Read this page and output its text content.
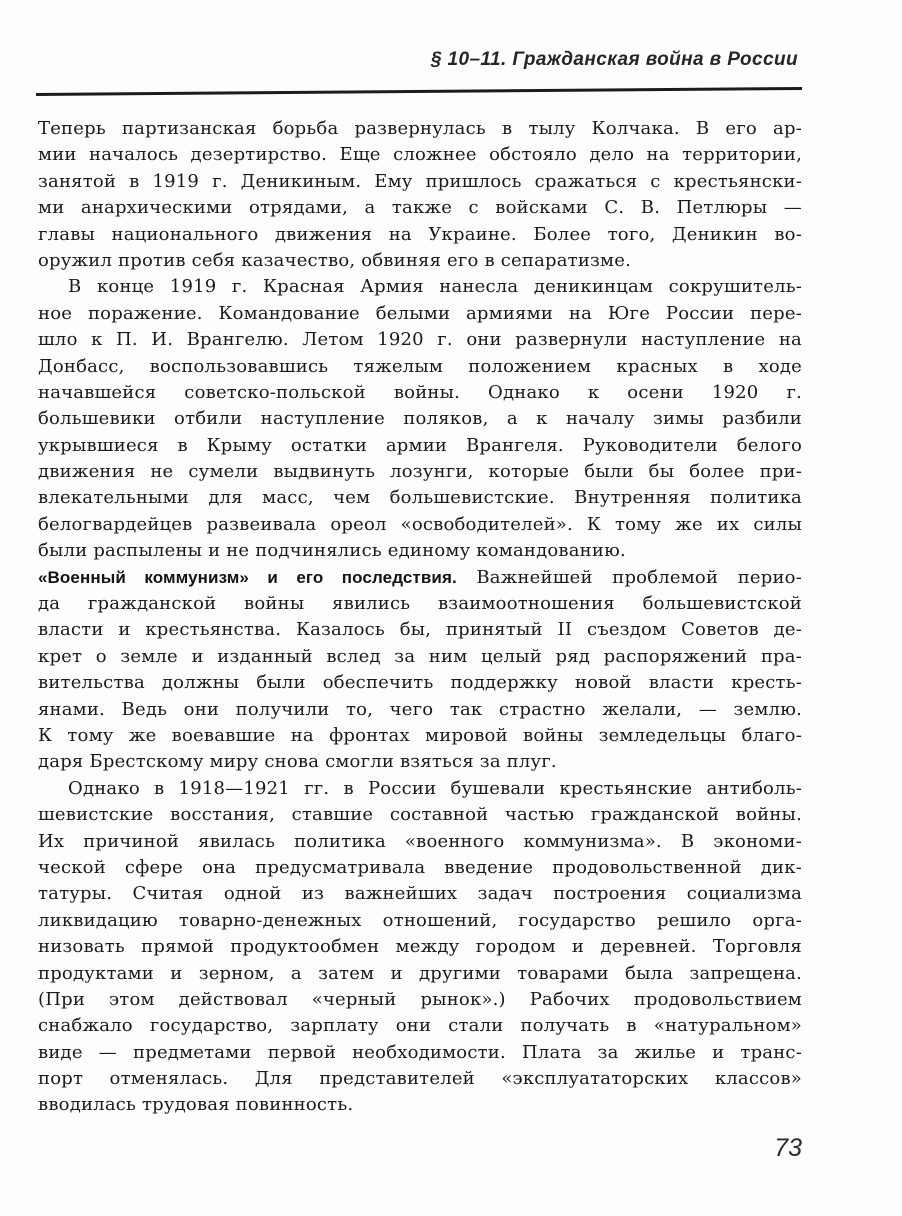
§ 10–11. Гражданская война в России
Теперь партизанская борьба развернулась в тылу Колчака. В его ар-
мии началось дезертирство. Еще сложнее обстояло дело на территории,
занятой в 1919 г. Деникиным. Ему пришлось сражаться с крестьянски-
ми анархическими отрядами, а также с войсками С. В. Петлюры —
главы национального движения на Украине. Более того, Деникин во-
оружил против себя казачество, обвиняя его в сепаратизме.
В конце 1919 г. Красная Армия нанесла деникинцам сокрушитель-
ное поражение. Командование белыми армиями на Юге России пере-
шло к П. И. Врангелю. Летом 1920 г. они развернули наступление на
Донбасс, воспользовавшись тяжелым положением красных в ходе
начавшейся советско-польской войны. Однако к осени 1920 г.
большевики отбили наступление поляков, а к началу зимы разбили
укрывшиеся в Крыму остатки армии Врангеля. Руководители белого
движения не сумели выдвинуть лозунги, которые были бы более при-
влекательными для масс, чем большевистские. Внутренняя политика
белогвардейцев развеивала ореол «освободителей». К тому же их силы
были распылены и не подчинялись единому командованию.
«Военный коммунизм» и его последствия. Важнейшей проблемой перио-
да гражданской войны явились взаимоотношения большевистской
власти и крестьянства. Казалось бы, принятый II съездом Советов де-
крет о земле и изданный вслед за ним целый ряд распоряжений пра-
вительства должны были обеспечить поддержку новой власти кресть-
янами. Ведь они получили то, чего так страстно желали, — землю.
К тому же воевавшие на фронтах мировой войны земледельцы благо-
даря Брестскому миру снова смогли взяться за плуг.
Однако в 1918—1921 гг. в России бушевали крестьянские антиболь-
шевистские восстания, ставшие составной частью гражданской войны.
Их причиной явилась политика «военного коммунизма». В экономи-
ческой сфере она предусматривала введение продовольственной дик-
татуры. Считая одной из важнейших задач построения социализма
ликвидацию товарно-денежных отношений, государство решило орга-
низовать прямой продуктообмен между городом и деревней. Торговля
продуктами и зерном, а затем и другими товарами была запрещена.
(При этом действовал «черный рынок».) Рабочих продовольствием
снабжало государство, зарплату они стали получать в «натуральном»
виде — предметами первой необходимости. Плата за жилье и транс-
порт отменялась. Для представителей «эксплуататорских классов»
вводилась трудовая повинность.
73
